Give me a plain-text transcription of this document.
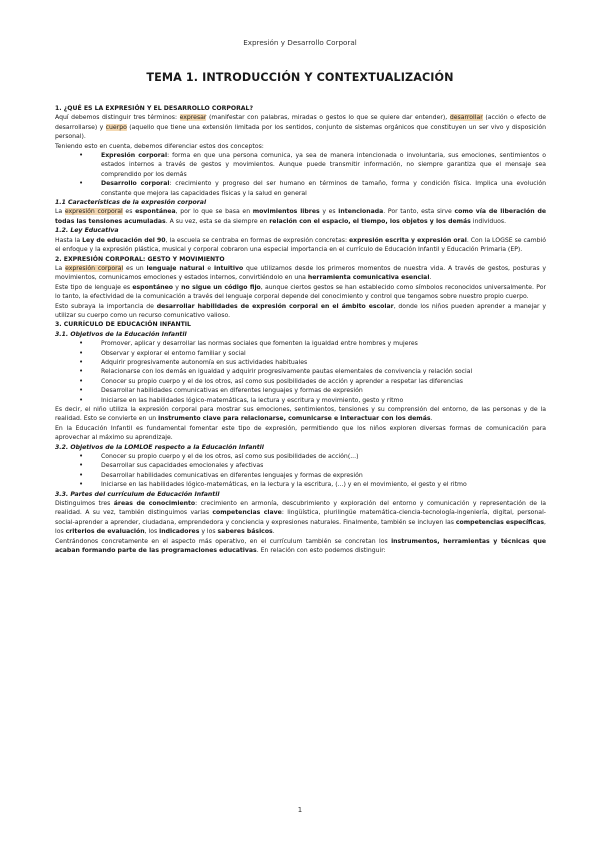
Expresión y Desarrollo Corporal
TEMA 1. INTRODUCCIÓN Y CONTEXTUALIZACIÓN

1. ¿QUÉ ES LA EXPRESIÓN Y EL DESARROLLO CORPORAL?

Aquí debemos distinguir tres términos: expresar (manifestar con palabras, miradas o gestos lo que se quiere dar entender), desarrollar (acción o efecto de desarrollarse) y cuerpo (aquello que tiene una extensión limitada por los sentidos, conjunto de sistemas orgánicos que constituyen un ser vivo y disposición personal).

Teniendo esto en cuenta, debemos diferenciar estos dos conceptos:

• Expresión corporal: forma en que una persona comunica, ya sea de manera intencionada o involuntaria, sus emociones, sentimientos o estados internos a través de gestos y movimientos. Aunque puede transmitir información, no siempre garantiza que el mensaje sea comprendido por los demás
• Desarrollo corporal: crecimiento y progreso del ser humano en términos de tamaño, forma y condición física. Implica una evolución constante que mejora las capacidades físicas y la salud en general

1.1 Características de la expresión corporal

La expresión corporal es espontánea, por lo que se basa en movimientos libres y es intencionada. Por tanto, esta sirve como vía de liberación de todas las tensiones acumuladas. A su vez, esta se da siempre en relación con el espacio, el tiempo, los objetos y los demás individuos.

1.2. Ley Educativa

Hasta la Ley de educación del 90, la escuela se centraba en formas de expresión concretas: expresión escrita y expresión oral. Con la LOGSE se cambió el enfoque y la expresión plástica, musical y corporal cobraron una especial importancia en el currículo de Educación Infantil y Educación Primaria (EP).

2. EXPRESIÓN CORPORAL: GESTO Y MOVIMIENTO

La expresión corporal es un lenguaje natural e intuitivo que utilizamos desde los primeros momentos de nuestra vida. A través de gestos, posturas y movimientos, comunicamos emociones y estados internos, convirtiéndolo en una herramienta comunicativa esencial.

Este tipo de lenguaje es espontáneo y no sigue un código fijo, aunque ciertos gestos se han establecido como símbolos reconocidos universalmente. Por lo tanto, la efectividad de la comunicación a través del lenguaje corporal depende del conocimiento y control que tengamos sobre nuestro propio cuerpo.

Esto subraya la importancia de desarrollar habilidades de expresión corporal en el ámbito escolar, donde los niños pueden aprender a manejar y utilizar su cuerpo como un recurso comunicativo valioso.

3. CURRÍCULO DE EDUCACIÓN INFANTIL

3.1. Objetivos de la Educación Infantil

• Promover, aplicar y desarrollar las normas sociales que fomenten la igualdad entre hombres y mujeres
• Observar y explorar el entorno familiar y social
• Adquirir progresivamente autonomía en sus actividades habituales
• Relacionarse con los demás en igualdad y adquirir progresivamente pautas elementales de convivencia y relación social
• Conocer su propio cuerpo y el de los otros, así como sus posibilidades de acción y aprender a respetar las diferencias
• Desarrollar habilidades comunicativas en diferentes lenguajes y formas de expresión
• Iniciarse en las habilidades lógico-matemáticas, la lectura y escritura y movimiento, gesto y ritmo

Es decir, el niño utiliza la expresión corporal para mostrar sus emociones, sentimientos, tensiones y su comprensión del entorno, de las personas y de la realidad. Esto se convierte en un instrumento clave para relacionarse, comunicarse e interactuar con los demás.

En la Educación Infantil es fundamental fomentar este tipo de expresión, permitiendo que los niños exploren diversas formas de comunicación para aprovechar al máximo su aprendizaje.

3.2. Objetivos de la LOMLOE respecto a la Educación Infantil

• Conocer su propio cuerpo y el de los otros, así como sus posibilidades de acción(...)
• Desarrollar sus capacidades emocionales y afectivas
• Desarrollar habilidades comunicativas en diferentes lenguajes y formas de expresión
• Iniciarse en las habilidades lógico-matemáticas, en la lectura y la escritura, (...) y en el movimiento, el gesto y el ritmo

3.3. Partes del currículum de Educación Infantil

Distinguimos tres áreas de conocimiento: crecimiento en armonía, descubrimiento y exploración del entorno y comunicación y representación de la realidad. A su vez, también distinguimos varias competencias clave: lingüística, plurilingüe matemática-ciencia-tecnología-ingeniería, digital, personal-social-aprender a aprender, ciudadana, emprendedora y conciencia y expresiones naturales. Finalmente, también se incluyen las competencias específicas, los criterios de evaluación, los indicadores y los saberes básicos.

Centrándonos concretamente en el aspecto más operativo, en el currículum también se concretan los instrumentos, herramientas y técnicas que acaban formando parte de las programaciones educativas. En relación con esto podemos distinguir:

1
